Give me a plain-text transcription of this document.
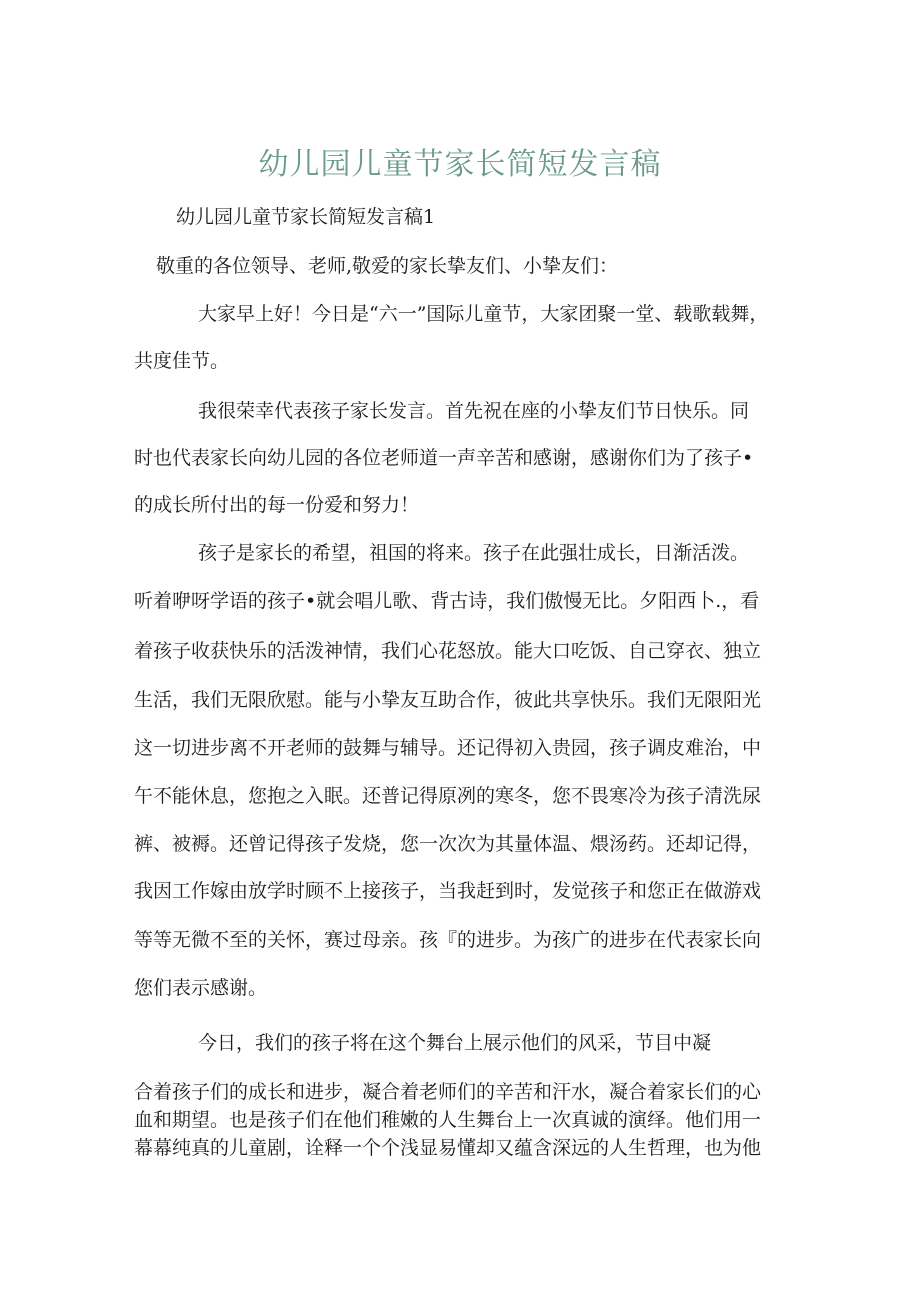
幼儿园儿童节家长简短发言稿
幼儿园儿童节家长简短发言稿1
敬重的各位领导、老师,敬爱的家长挚友们、小挚友们：
大家早上好！今日是“六一”国际儿童节，大家团聚一堂、载歌载舞，
共度佳节。
我很荣幸代表孩子家长发言。首先祝在座的小挚友们节日快乐。同
时也代表家长向幼儿园的各位老师道一声辛苦和感谢，感谢你们为了孩子•
的成长所付出的每一份爱和努力！
孩子是家长的希望，祖国的将来。孩子在此强壮成长，日渐活泼。
听着咿呀学语的孩子•就会唱儿歌、背古诗，我们傲慢无比。夕阳西卜.，看
着孩子收获快乐的活泼神情，我们心花怒放。能大口吃饭、自己穿衣、独立
生活，我们无限欣慰。能与小挚友互助合作，彼此共享快乐。我们无限阳光
这一切进步离不开老师的鼓舞与辅导。还记得初入贵园，孩子调皮难治，中
午不能休息，您抱之入眠。还普记得原冽的寒冬，您不畏寒冷为孩子清洗尿
裤、被褥。还曾记得孩子发烧，您一次次为其量体温、煨汤药。还却记得，
我因工作嫁由放学时顾不上接孩子，当我赶到时，发觉孩子和您正在做游戏
等等无微不至的关怀，赛过母亲。孩『的进步。为孩广的进步在代表家长向
您们表示感谢。
今日，我们的孩子将在这个舞台上展示他们的风采，节目中凝
合着孩子们的成长和进步，凝合着老师们的辛苦和汗水，凝合着家长们的心
血和期望。也是孩子们在他们稚嫩的人生舞台上一次真诚的演绎。他们用一
幕幕纯真的儿童剧，诠释一个个浅显易懂却又蕴含深远的人生哲理，也为他
